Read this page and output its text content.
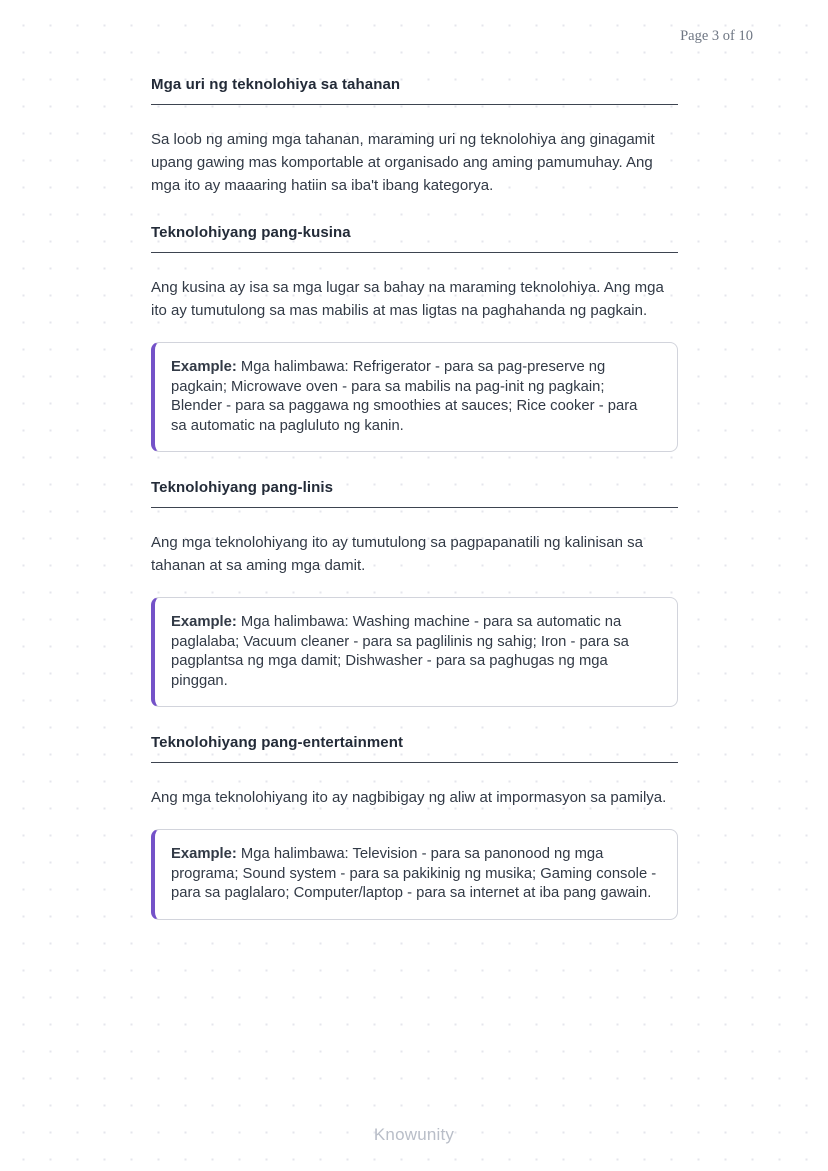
Page 3 of 10
Mga uri ng teknolohiya sa tahanan

Sa loob ng aming mga tahanan, maraming uri ng teknolohiya ang ginagamit upang gawing mas komportable at organisado ang aming pamumuhay. Ang mga ito ay maaaring hatiin sa iba't ibang kategorya.

Teknolohiyang pang-kusina

Ang kusina ay isa sa mga lugar sa bahay na maraming teknolohiya. Ang mga ito ay tumutulong sa mas mabilis at mas ligtas na paghahanda ng pagkain.

Example: Mga halimbawa: Refrigerator - para sa pag-preserve ng pagkain; Microwave oven - para sa mabilis na pag-init ng pagkain; Blender - para sa paggawa ng smoothies at sauces; Rice cooker - para sa automatic na pagluluto ng kanin.

Teknolohiyang pang-linis

Ang mga teknolohiyang ito ay tumutulong sa pagpapanatili ng kalinisan sa tahanan at sa aming mga damit.

Example: Mga halimbawa: Washing machine - para sa automatic na paglalaba; Vacuum cleaner - para sa paglilinis ng sahig; Iron - para sa pagplantsa ng mga damit; Dishwasher - para sa paghugas ng mga pinggan.

Teknolohiyang pang-entertainment

Ang mga teknolohiyang ito ay nagbibigay ng aliw at impormasyon sa pamilya.

Example: Mga halimbawa: Television - para sa panonood ng mga programa; Sound system - para sa pakikinig ng musika; Gaming console - para sa paglalaro; Computer/laptop - para sa internet at iba pang gawain.

Knowunity
